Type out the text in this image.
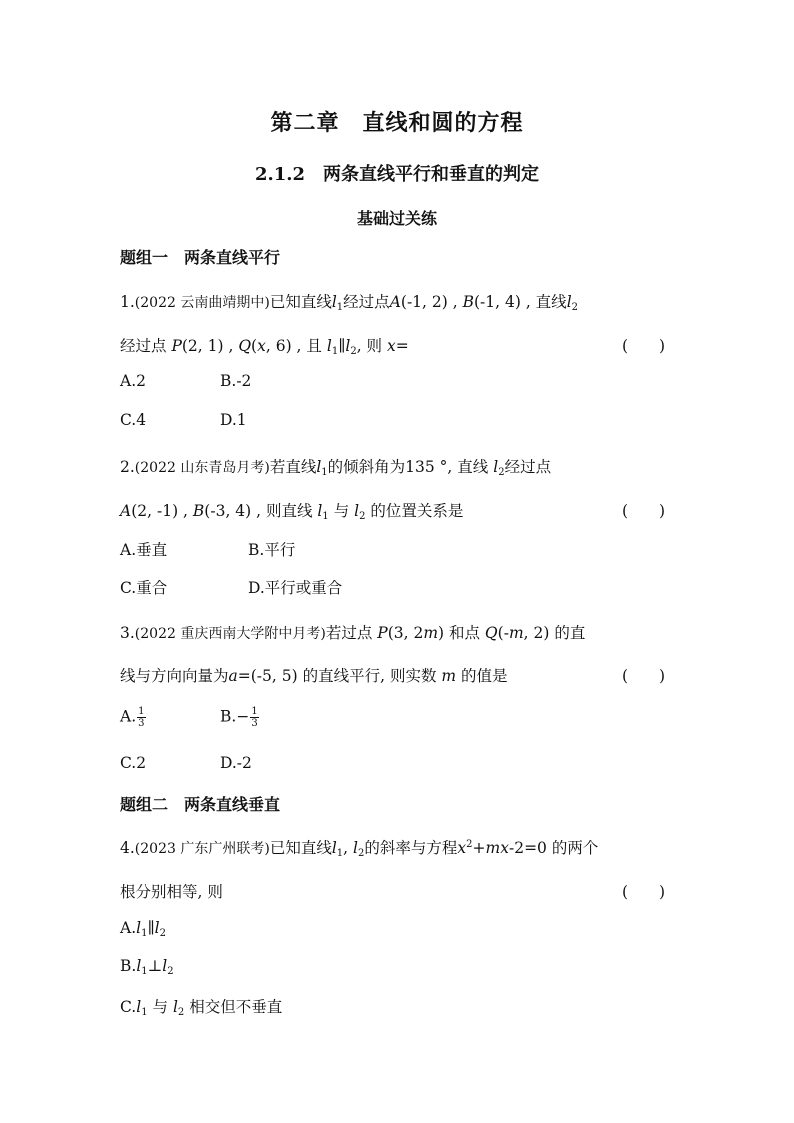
第二章　直线和圆的方程
2.1.2　两条直线平行和垂直的判定
基础过关练
题组一　两条直线平行
1.(2022 云南曲靖期中)已知直线$l_1$经过点A(-1, 2) , B(-1, 4) , 直线$l_2$
经过点 P(2, 1) , Q(x, 6) , 且 $l_1\parallel l_2$, 则 x=	(　　)
A.2	B.-2
C.4	D.1
2.(2022 山东青岛月考)若直线$l_1$的倾斜角为135 °, 直线 $l_2$经过点
A(2, -1) , B(-3, 4) , 则直线 $l_1$ 与 $l_2$ 的位置关系是	(　　)
A.垂直	B.平行
C.重合	D.平行或重合
3.(2022 重庆西南大学附中月考)若过点 P(3, 2m) 和点 Q(-m, 2) 的直
线与方向向量为a=(-5, 5) 的直线平行, 则实数 m 的值是	(　　)
A. $\frac{1}{3}$	$B.- \frac{1}{3}$
C.2	D.-2
题组二　两条直线垂直
4.(2023 广东广州联考)已知直线$l_1$, $l_2$的斜率与方程$x^2+mx-2=0$ 的两个
根分别相等, 则	(　　)
$A.l_1\parallel l_2$
$B.l_1\perp l_2$
$C.l_1$ 与 $l_2$ 相交但不垂直
